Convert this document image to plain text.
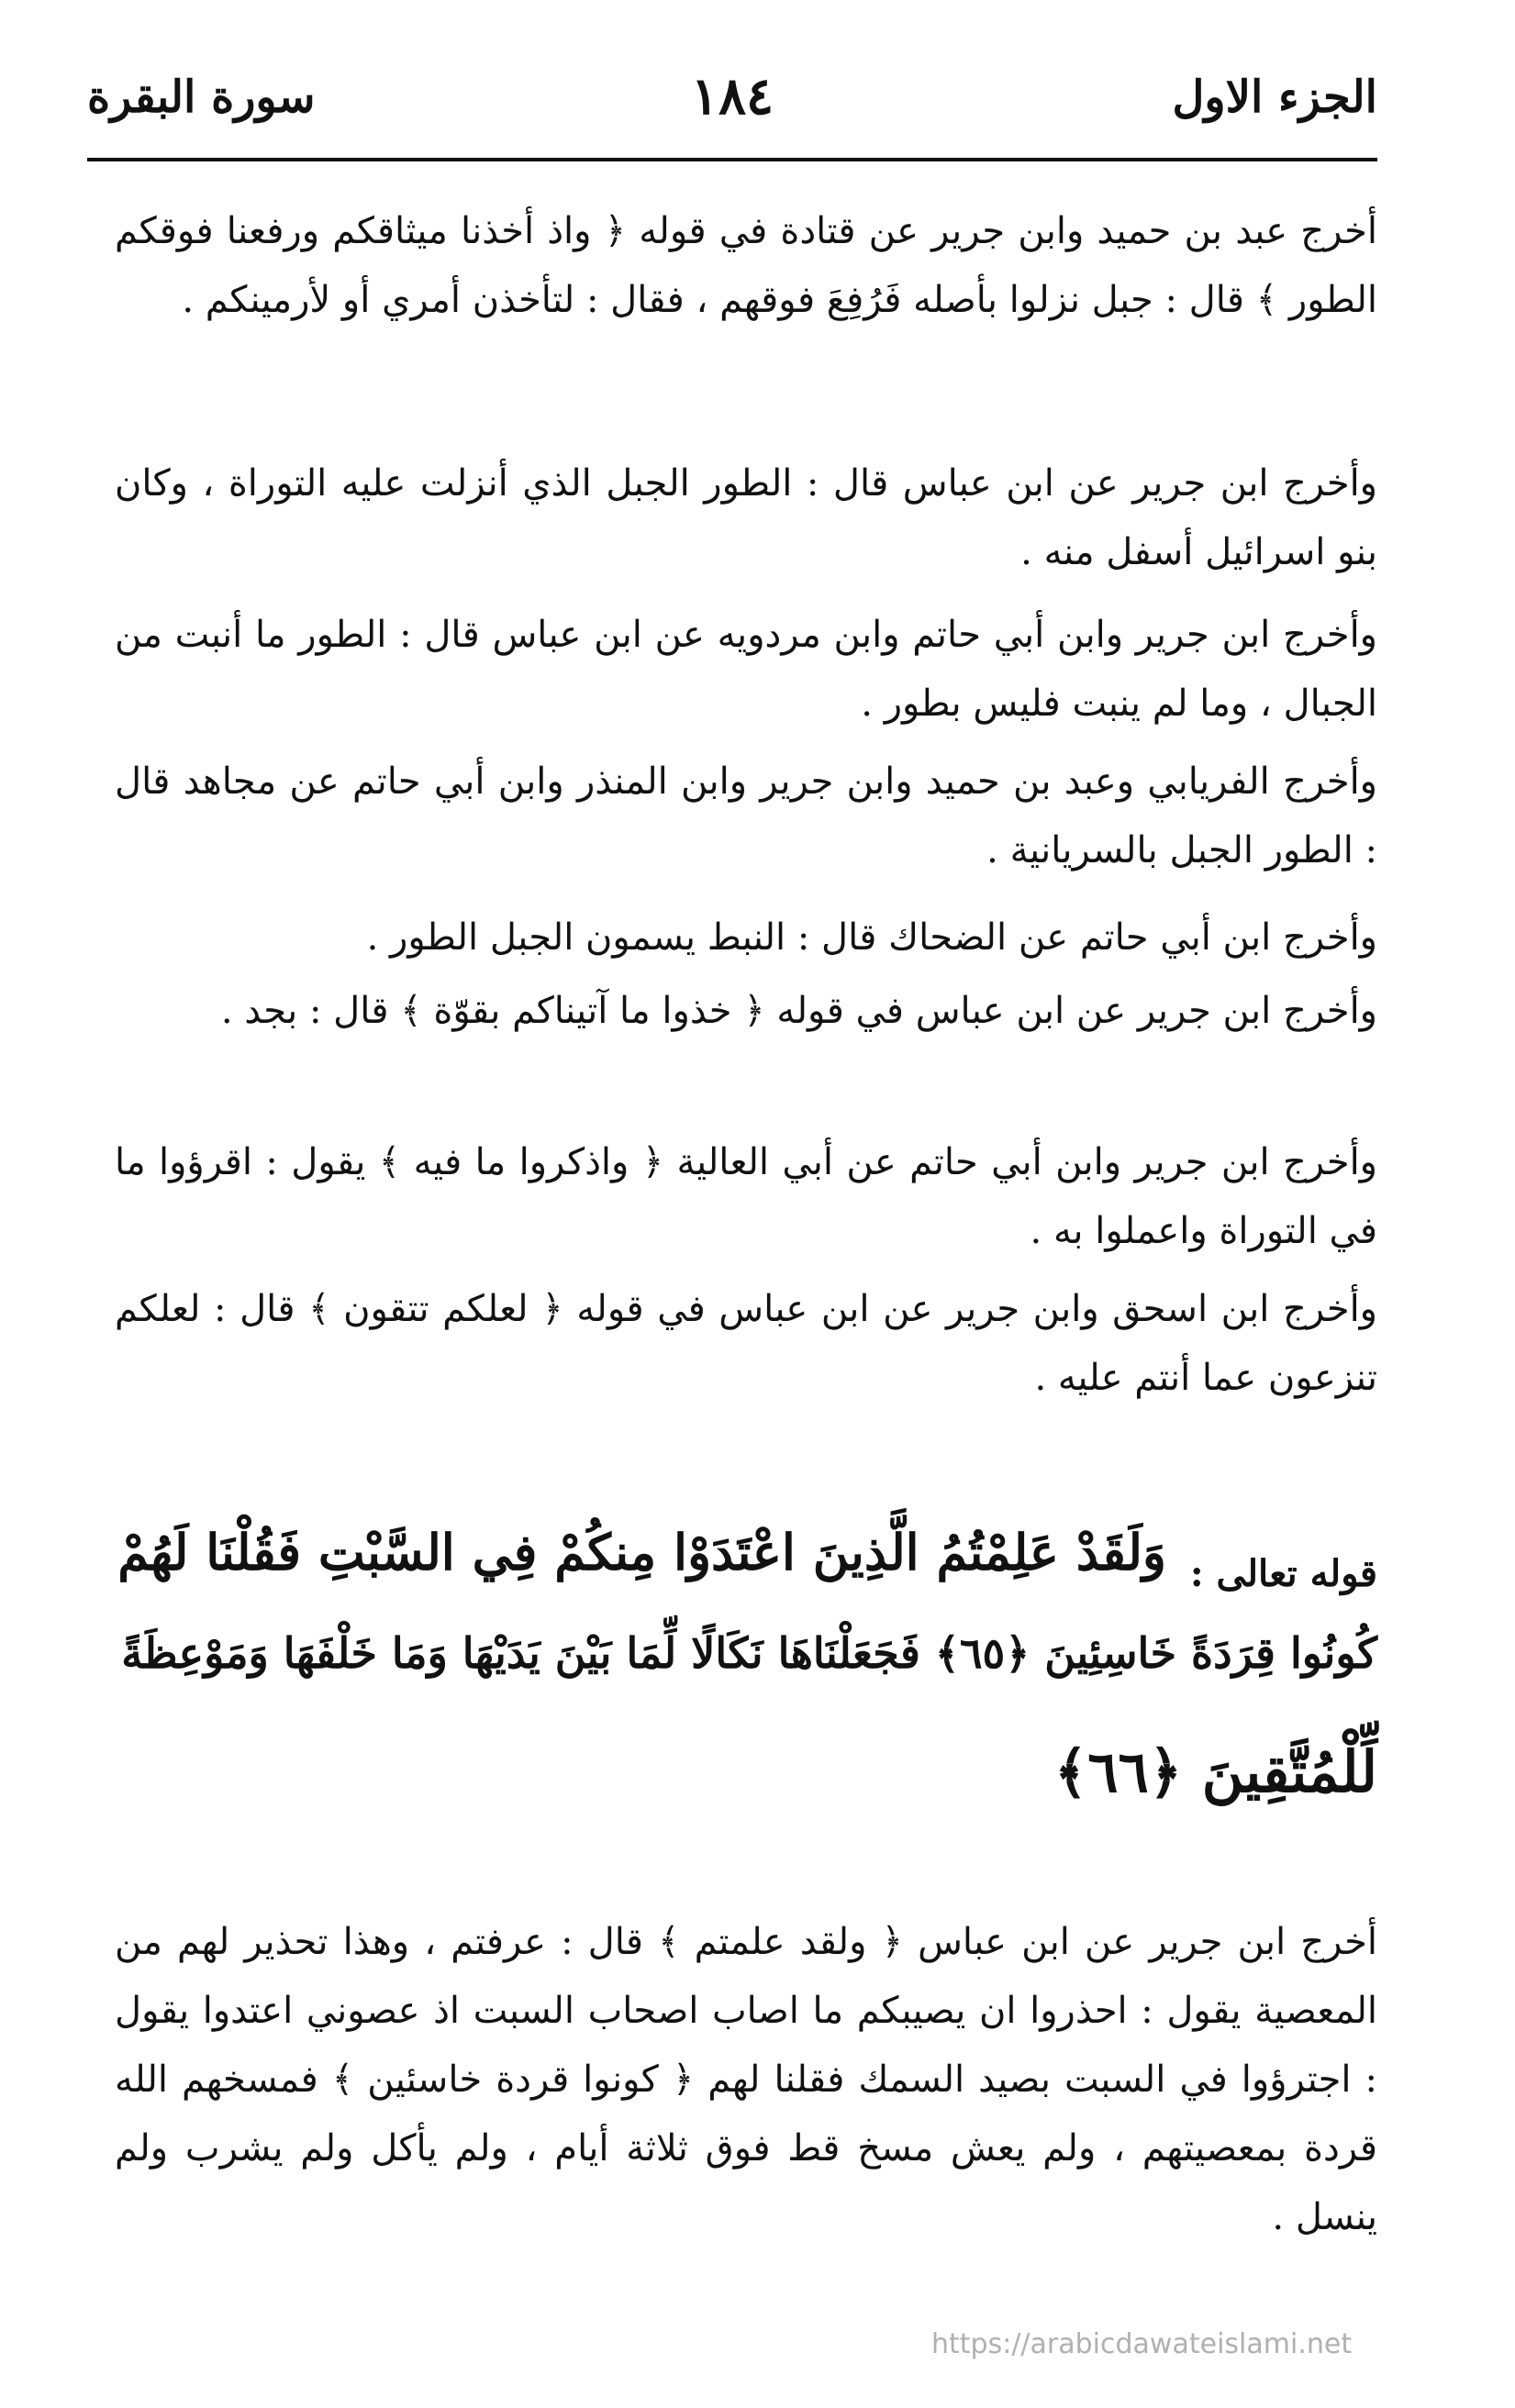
الجزء الاول
١٨٤
سورة البقرة

أخرج عبد بن حميد وابن جرير عن قتادة في قوله ﴿ واذ أخذنا ميثاقكم ورفعنا فوقكم الطور ﴾ قال : جبل نزلوا بأصله فَرُفِعَ فوقهم ، فقال : لتأخذن أمري أو لأرمينكم .

وأخرج ابن جرير عن ابن عباس قال : الطور الجبل الذي أنزلت عليه التوراة ، وكان بنو اسرائيل أسفل منه .

وأخرج ابن جرير وابن أبي حاتم وابن مردويه عن ابن عباس قال : الطور ما أنبت من الجبال ، وما لم ينبت فليس بطور .

وأخرج الفريابي وعبد بن حميد وابن جرير وابن المنذر وابن أبي حاتم عن مجاهد قال : الطور الجبل بالسريانية .

وأخرج ابن أبي حاتم عن الضحاك قال : النبط يسمون الجبل الطور .

وأخرج ابن جرير عن ابن عباس في قوله ﴿ خذوا ما آتيناكم بقوّة ﴾ قال : بجد .

وأخرج ابن جرير وابن أبي حاتم عن أبي العالية ﴿ واذكروا ما فيه ﴾ يقول : اقرؤوا ما في التوراة واعملوا به .

وأخرج ابن اسحق وابن جرير عن ابن عباس في قوله ﴿ لعلكم تتقون ﴾ قال : لعلكم تنزعون عما أنتم عليه .

قوله تعالى :
وَلَقَدْ عَلِمْتُمُ الَّذِينَ اعْتَدَوْا مِنكُمْ فِي السَّبْتِ فَقُلْنَا لَهُمْ
كُونُوا قِرَدَةً خَاسِئِينَ ﴿٦٥﴾ فَجَعَلْنَاهَا نَكَالًا لِّمَا بَيْنَ يَدَيْهَا وَمَا خَلْفَهَا وَمَوْعِظَةً
لِّلْمُتَّقِينَ ﴿٦٦﴾

أخرج ابن جرير عن ابن عباس ﴿ ولقد علمتم ﴾ قال : عرفتم ، وهذا تحذير لهم من المعصية يقول : احذروا ان يصيبكم ما اصاب اصحاب السبت اذ عصوني اعتدوا يقول : اجترؤوا في السبت بصيد السمك فقلنا لهم ﴿ كونوا قردة خاسئين ﴾ فمسخهم الله قردة بمعصيتهم ، ولم يعش مسخ قط فوق ثلاثة أيام ، ولم يأكل ولم يشرب ولم ينسل .

https://arabicdawateislami.net
